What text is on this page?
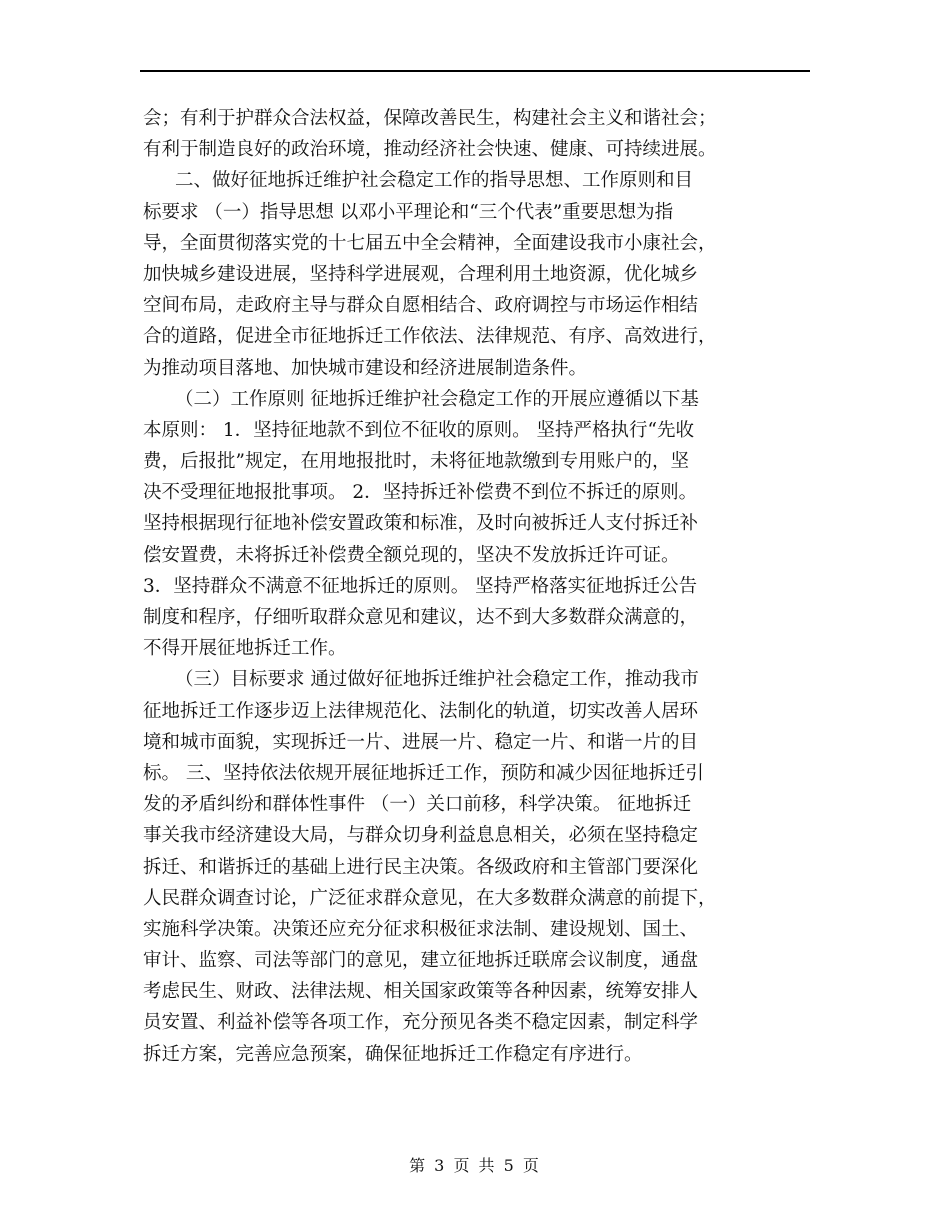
会；有利于护群众合法权益，保障改善民生，构建社会主义和谐社会；
有利于制造良好的政治环境，推动经济社会快速、健康、可持续进展。
二、做好征地拆迁维护社会稳定工作的指导思想、工作原则和目
标要求 （一）指导思想 以邓小平理论和“三个代表”重要思想为指
导，全面贯彻落实党的十七届五中全会精神，全面建设我市小康社会，
加快城乡建设进展，坚持科学进展观，合理利用土地资源，优化城乡
空间布局，走政府主导与群众自愿相结合、政府调控与市场运作相结
合的道路，促进全市征地拆迁工作依法、法律规范、有序、高效进行，
为推动项目落地、加快城市建设和经济进展制造条件。
（二）工作原则 征地拆迁维护社会稳定工作的开展应遵循以下基
本原则： 1．坚持征地款不到位不征收的原则。 坚持严格执行“先收
费，后报批”规定，在用地报批时，未将征地款缴到专用账户的，坚
决不受理征地报批事项。 2．坚持拆迁补偿费不到位不拆迁的原则。
坚持根据现行征地补偿安置政策和标准，及时向被拆迁人支付拆迁补
偿安置费，未将拆迁补偿费全额兑现的，坚决不发放拆迁许可证。
3．坚持群众不满意不征地拆迁的原则。 坚持严格落实征地拆迁公告
制度和程序，仔细听取群众意见和建议，达不到大多数群众满意的，
不得开展征地拆迁工作。
（三）目标要求 通过做好征地拆迁维护社会稳定工作，推动我市
征地拆迁工作逐步迈上法律规范化、法制化的轨道，切实改善人居环
境和城市面貌，实现拆迁一片、进展一片、稳定一片、和谐一片的目
标。 三、坚持依法依规开展征地拆迁工作，预防和减少因征地拆迁引
发的矛盾纠纷和群体性事件 （一）关口前移，科学决策。 征地拆迁
事关我市经济建设大局，与群众切身利益息息相关，必须在坚持稳定
拆迁、和谐拆迁的基础上进行民主决策。各级政府和主管部门要深化
人民群众调查讨论，广泛征求群众意见，在大多数群众满意的前提下，
实施科学决策。决策还应充分征求积极征求法制、建设规划、国土、
审计、监察、司法等部门的意见，建立征地拆迁联席会议制度，通盘
考虑民生、财政、法律法规、相关国家政策等各种因素，统筹安排人
员安置、利益补偿等各项工作，充分预见各类不稳定因素，制定科学
拆迁方案，完善应急预案，确保征地拆迁工作稳定有序进行。
第 3 页 共 5 页
